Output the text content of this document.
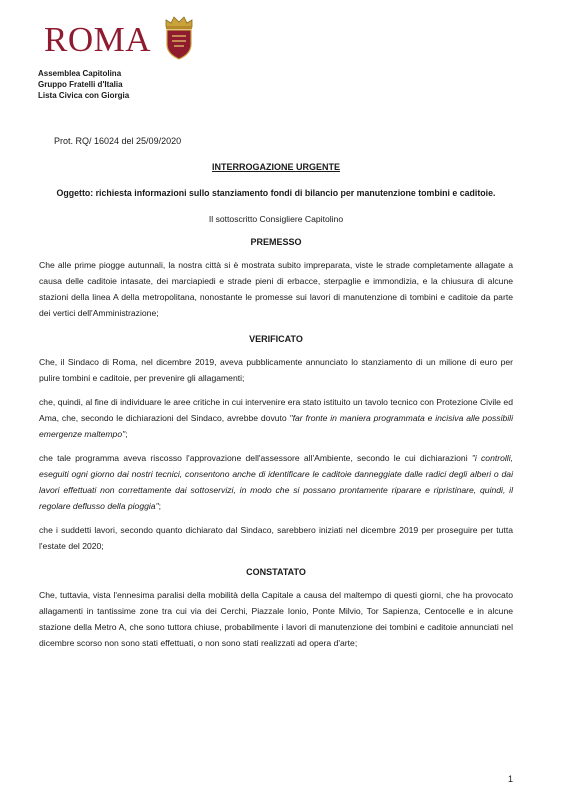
ROMA
Assemblea Capitolina
Gruppo Fratelli d'Italia
Lista Civica con Giorgia
Prot. RQ/ 16024 del 25/09/2020
INTERROGAZIONE URGENTE
Oggetto: richiesta informazioni sullo stanziamento fondi di bilancio per manutenzione tombini e caditoie.
Il sottoscritto Consigliere Capitolino
PREMESSO
Che alle prime piogge autunnali, la nostra città si è mostrata subito impreparata, viste le strade completamente allagate a causa delle caditoie intasate, dei marciapiedi e strade pieni di erbacce, sterpaglie e immondizia, e la chiusura di alcune stazioni della linea A della metropolitana, nonostante le promesse sui lavori di manutenzione di tombini e caditoie da parte dei vertici dell'Amministrazione;
VERIFICATO
Che, il Sindaco di Roma, nel dicembre 2019, aveva pubblicamente annunciato lo stanziamento di un milione di euro per pulire tombini e caditoie, per prevenire gli allagamenti;
che, quindi, al fine di individuare le aree critiche in cui intervenire era stato istituito un tavolo tecnico con Protezione Civile ed Ama, che, secondo le dichiarazioni del Sindaco, avrebbe dovuto "far fronte in maniera programmata e incisiva alle possibili emergenze maltempo";
che tale programma aveva riscosso l'approvazione dell'assessore all'Ambiente, secondo le cui dichiarazioni "i controlli, eseguiti ogni giorno dai nostri tecnici, consentono anche di identificare le caditoie danneggiate dalle radici degli alberi o dai lavori effettuati non correttamente dai sottoservizi, in modo che si possano prontamente riparare e ripristinare, quindi, il regolare deflusso della pioggia";
che i suddetti lavori, secondo quanto dichiarato dal Sindaco, sarebbero iniziati nel dicembre 2019 per proseguire per tutta l'estate del 2020;
CONSTATATO
Che, tuttavia, vista l'ennesima paralisi della mobilità della Capitale a causa del maltempo di questi giorni, che ha provocato allagamenti in tantissime zone tra cui via dei Cerchi, Piazzale Ionio, Ponte Milvio, Tor Sapienza, Centocelle e in alcune stazione della Metro A, che sono tuttora chiuse, probabilmente i lavori di manutenzione dei tombini e caditoie annunciati nel dicembre scorso non sono stati effettuati, o non sono stati realizzati ad opera d'arte;
1
